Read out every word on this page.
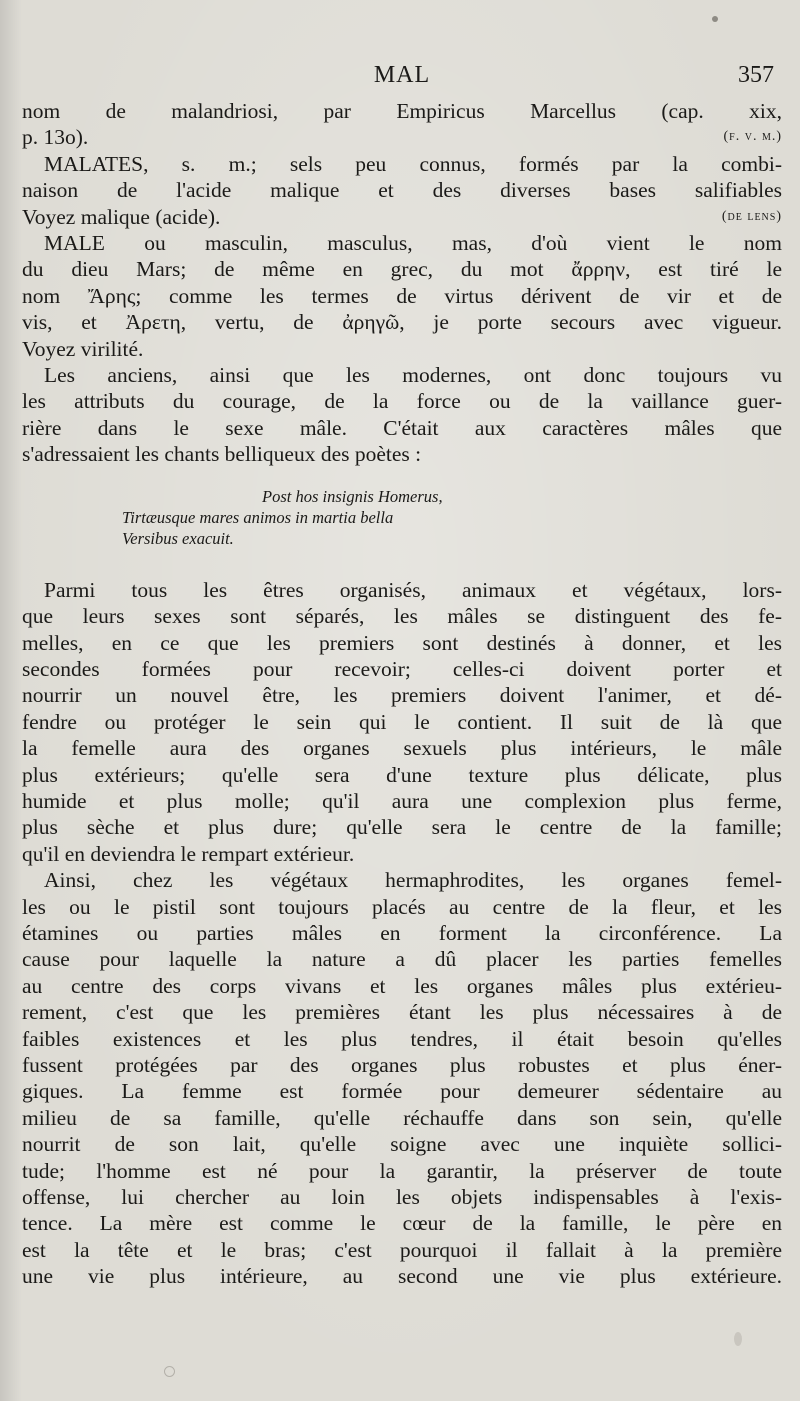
MAL	357

nom de malandriosi, par Empiricus Marcellus (cap. xix,
p. 13o).	(f. v. m.)

MALATES, s. m.; sels peu connus, formés par la combi-
naison de l'acide malique et des diverses bases salifiables
Voyez malique (acide).	(de lens)

MALE ou masculin, masculus, mas, d'où vient le nom
du dieu Mars; de même en grec, du mot ἄρρην, est tiré le
nom Ἄρης; comme les termes de virtus dérivent de vir et de
vis, et Ἀρετη, vertu, de ἀρηγῶ, je porte secours avec vigueur.
Voyez virilité.

Les anciens, ainsi que les modernes, ont donc toujours vu
les attributs du courage, de la force ou de la vaillance guer-
rière dans le sexe mâle. C'était aux caractères mâles que
s'adressaient les chants belliqueux des poètes :

Post hos insignis Homerus,
Tirtæusque mares animos in martia bella
Versibus exacuit.

Parmi tous les êtres organisés, animaux et végétaux, lors-
que leurs sexes sont séparés, les mâles se distinguent des fe-
melles, en ce que les premiers sont destinés à donner, et les
secondes formées pour recevoir; celles-ci doivent porter et
nourrir un nouvel être, les premiers doivent l'animer, et dé-
fendre ou protéger le sein qui le contient. Il suit de là que
la femelle aura des organes sexuels plus intérieurs, le mâle
plus extérieurs; qu'elle sera d'une texture plus délicate, plus
humide et plus molle; qu'il aura une complexion plus ferme,
plus sèche et plus dure; qu'elle sera le centre de la famille;
qu'il en deviendra le rempart extérieur.

Ainsi, chez les végétaux hermaphrodites, les organes femel-
les ou le pistil sont toujours placés au centre de la fleur, et les
étamines ou parties mâles en forment la circonférence. La
cause pour laquelle la nature a dû placer les parties femelles
au centre des corps vivans et les organes mâles plus extérieu-
rement, c'est que les premières étant les plus nécessaires à de
faibles existences et les plus tendres, il était besoin qu'elles
fussent protégées par des organes plus robustes et plus éner-
giques. La femme est formée pour demeurer sédentaire au
milieu de sa famille, qu'elle réchauffe dans son sein, qu'elle
nourrit de son lait, qu'elle soigne avec une inquiète sollici-
tude; l'homme est né pour la garantir, la préserver de toute
offense, lui chercher au loin les objets indispensables à l'exis-
tence. La mère est comme le cœur de la famille, le père en
est la tête et le bras; c'est pourquoi il fallait à la première
une vie plus intérieure, au second une vie plus extérieure.
